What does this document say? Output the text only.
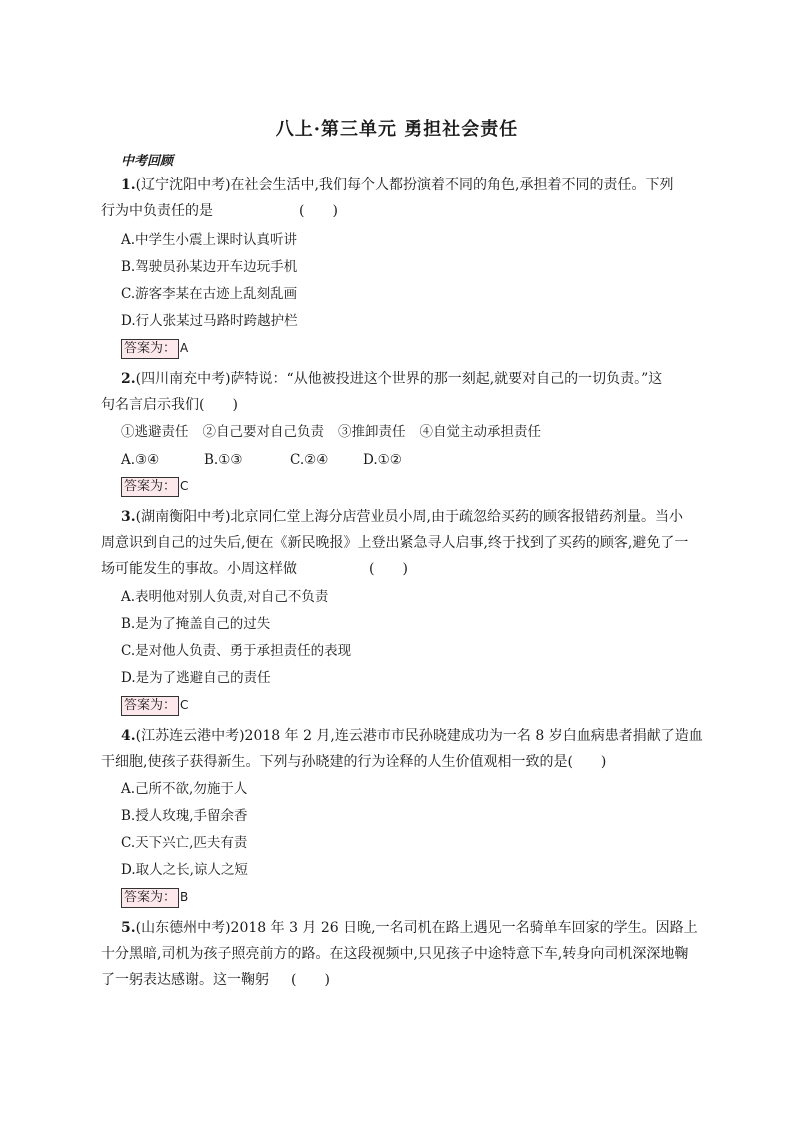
八上·第三单元 勇担社会责任
中考回顾
1.(辽宁沈阳中考)在社会生活中,我们每个人都扮演着不同的角色,承担着不同的责任。下列
行为中负责任的是	(　　)
A.中学生小震上课时认真听讲
B.驾驶员孙某边开车边玩手机
C.游客李某在古迹上乱刻乱画
D.行人张某过马路时跨越护栏
答案为： A
2.(四川南充中考)萨特说：“从他被投进这个世界的那一刻起,就要对自己的一切负责。”这
句名言启示我们(　　)
①逃避责任 ②自己要对自己负责 ③推卸责任 ④自觉主动承担责任
A.③④	B.①③	C.②④	D.①②
答案为： C
3.(湖南衡阳中考)北京同仁堂上海分店营业员小周,由于疏忽给买药的顾客报错药剂量。当小
周意识到自己的过失后,便在《新民晚报》上登出紧急寻人启事,终于找到了买药的顾客,避免了一
场可能发生的事故。小周这样做	(　　)
A.表明他对别人负责,对自己不负责
B.是为了掩盖自己的过失
C.是对他人负责、勇于承担责任的表现
D.是为了逃避自己的责任
答案为： C
4.(江苏连云港中考)2018 年 2 月,连云港市市民孙晓建成功为一名 8 岁白血病患者捐献了造血
干细胞,使孩子获得新生。下列与孙晓建的行为诠释的人生价值观相一致的是(　　)
A.己所不欲,勿施于人
B.授人玫瑰,手留余香
C.天下兴亡,匹夫有责
D.取人之长,谅人之短
答案为： B
5.(山东德州中考)2018 年 3 月 26 日晚,一名司机在路上遇见一名骑单车回家的学生。因路上
十分黑暗,司机为孩子照亮前方的路。在这段视频中,只见孩子中途特意下车,转身向司机深深地鞠
了一躬表达感谢。这一鞠躬 (　　)
